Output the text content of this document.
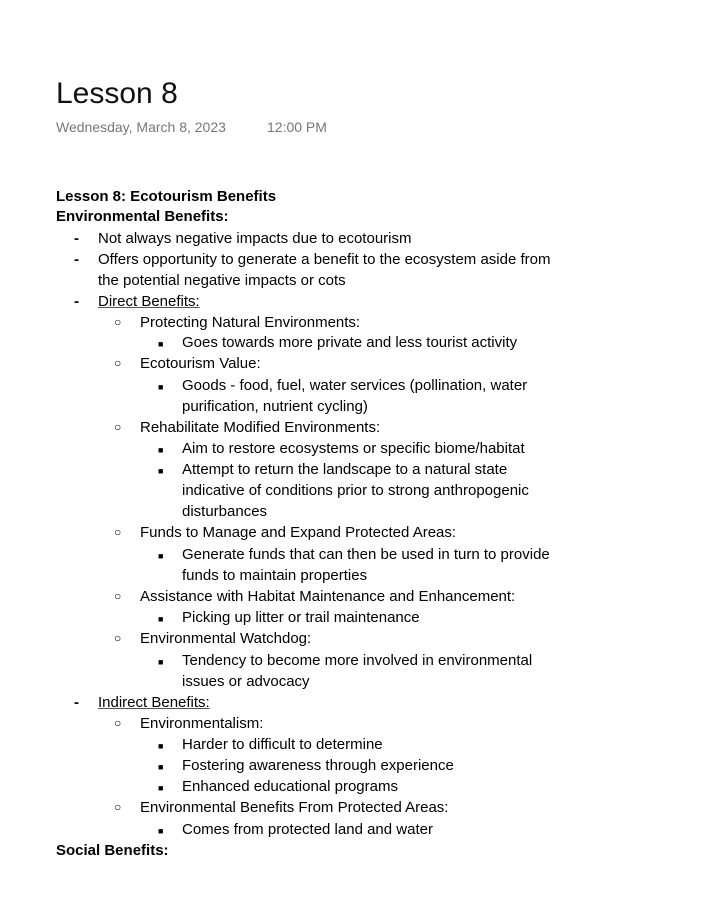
Lesson 8
Wednesday, March 8, 2023	12:00 PM
Lesson 8: Ecotourism Benefits
Environmental Benefits:
- Not always negative impacts due to ecotourism
- Offers opportunity to generate a benefit to the ecosystem aside from
the potential negative impacts or cots
- Direct Benefits:
○ Protecting Natural Environments:
■ Goes towards more private and less tourist activity
○ Ecotourism Value:
■ Goods - food, fuel, water services (pollination, water
purification, nutrient cycling)
○ Rehabilitate Modified Environments:
■ Aim to restore ecosystems or specific biome/habitat
■ Attempt to return the landscape to a natural state
indicative of conditions prior to strong anthropogenic
disturbances
○ Funds to Manage and Expand Protected Areas:
■ Generate funds that can then be used in turn to provide
funds to maintain properties
○ Assistance with Habitat Maintenance and Enhancement:
■ Picking up litter or trail maintenance
○ Environmental Watchdog:
■ Tendency to become more involved in environmental
issues or advocacy
- Indirect Benefits:
○ Environmentalism:
■ Harder to difficult to determine
■ Fostering awareness through experience
■ Enhanced educational programs
○ Environmental Benefits From Protected Areas:
■ Comes from protected land and water
Social Benefits:
